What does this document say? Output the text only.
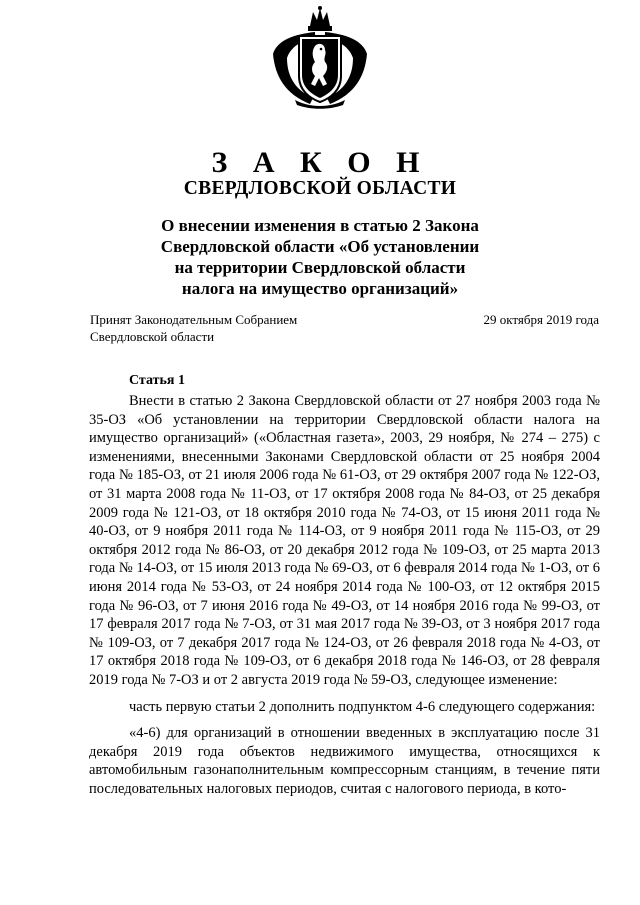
З А К О Н
СВЕРДЛОВСКОЙ ОБЛАСТИ
О внесении изменения в статью 2 Закона Свердловской области «Об установлении на территории Свердловской области налога на имущество организаций»
Принят Законодательным Собранием
Свердловской области
29 октября 2019 года
Статья 1

Внести в статью 2 Закона Свердловской области от 27 ноября 2003 года № 35-ОЗ «Об установлении на территории Свердловской области налога на имущество организаций» («Областная газета», 2003, 29 ноября, № 274 – 275) с изменениями, внесенными Законами Свердловской области от 25 ноября 2004 года № 185-ОЗ, от 21 июля 2006 года № 61-ОЗ, от 29 октября 2007 года № 122-ОЗ, от 31 марта 2008 года № 11-ОЗ, от 17 октября 2008 года № 84-ОЗ, от 25 декабря 2009 года № 121-ОЗ, от 18 октября 2010 года № 74-ОЗ, от 15 июня 2011 года № 40-ОЗ, от 9 ноября 2011 года № 114-ОЗ, от 9 ноября 2011 года № 115-ОЗ, от 29 октября 2012 года № 86-ОЗ, от 20 декабря 2012 года № 109-ОЗ, от 25 марта 2013 года № 14-ОЗ, от 15 июля 2013 года № 69-ОЗ, от 6 февраля 2014 года № 1-ОЗ, от 6 июня 2014 года № 53-ОЗ, от 24 ноября 2014 года № 100-ОЗ, от 12 октября 2015 года № 96-ОЗ, от 7 июня 2016 года № 49-ОЗ, от 14 ноября 2016 года № 99-ОЗ, от 17 февраля 2017 года № 7-ОЗ, от 31 мая 2017 года № 39-ОЗ, от 3 ноября 2017 года № 109-ОЗ, от 7 декабря 2017 года № 124-ОЗ, от 26 февраля 2018 года № 4-ОЗ, от 17 октября 2018 года № 109-ОЗ, от 6 декабря 2018 года № 146-ОЗ, от 28 февраля 2019 года № 7-ОЗ и от 2 августа 2019 года № 59-ОЗ, следующее изменение:

часть первую статьи 2 дополнить подпунктом 4-6 следующего содержания:

«4-6) для организаций в отношении введенных в эксплуатацию после 31 декабря 2019 года объектов недвижимого имущества, относящихся к автомобильным газонаполнительным компрессорным станциям, в течение пяти последовательных налоговых периодов, считая с налогового периода, в кото-
